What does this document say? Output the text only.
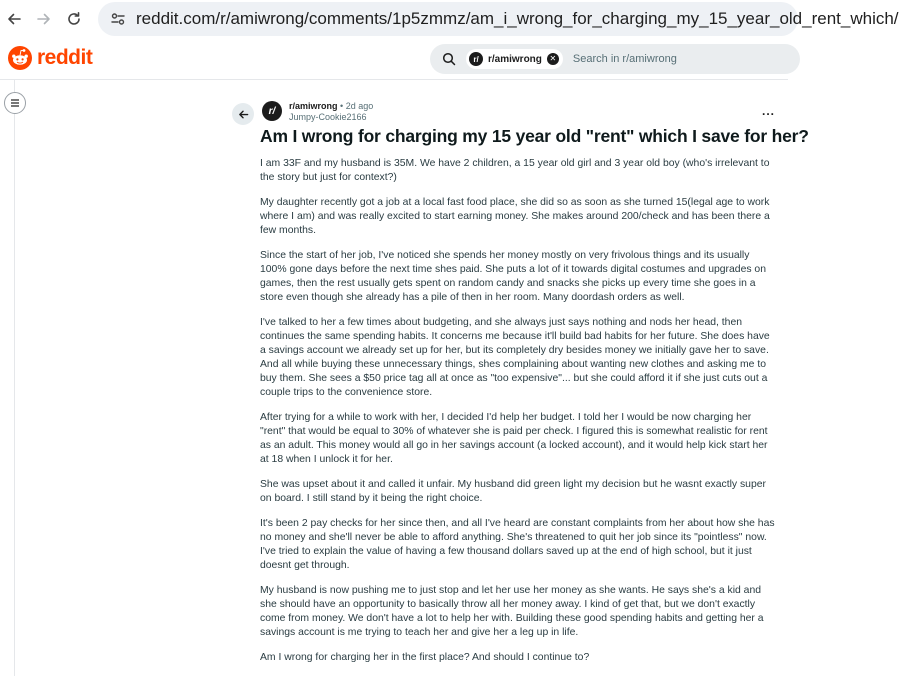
reddit.com/r/amiwrong/comments/1p5zmmz/am_i_wrong_for_charging_my_15_year_old_rent_which/
reddit	r/ r/amiwrong ✕ Search in r/amiwrong
r/	r/amiwrong • 2d ago
Jumpy-Cookie2166	...
Am I wrong for charging my 15 year old "rent" which I save for her?

I am 33F and my husband is 35M. We have 2 children, a 15 year old girl and 3 year old boy (who's irrelevant to the story but just for context?)

My daughter recently got a job at a local fast food place, she did so as soon as she turned 15(legal age to work where I am) and was really excited to start earning money. She makes around 200/check and has been there a few months.

Since the start of her job, I've noticed she spends her money mostly on very frivolous things and its usually 100% gone days before the next time shes paid. She puts a lot of it towards digital costumes and upgrades on games, then the rest usually gets spent on random candy and snacks she picks up every time she goes in a store even though she already has a pile of then in her room. Many doordash orders as well.

I've talked to her a few times about budgeting, and she always just says nothing and nods her head, then continues the same spending habits. It concerns me because it'll build bad habits for her future. She does have a savings account we already set up for her, but its completely dry besides money we initially gave her to save. And all while buying these unnecessary things, shes complaining about wanting new clothes and asking me to buy them. She sees a $50 price tag all at once as "too expensive"... but she could afford it if she just cuts out a couple trips to the convenience store.

After trying for a while to work with her, I decided I'd help her budget. I told her I would be now charging her "rent" that would be equal to 30% of whatever she is paid per check. I figured this is somewhat realistic for rent as an adult. This money would all go in her savings account (a locked account), and it would help kick start her at 18 when I unlock it for her.

She was upset about it and called it unfair. My husband did green light my decision but he wasnt exactly super on board. I still stand by it being the right choice.

It's been 2 pay checks for her since then, and all I've heard are constant complaints from her about how she has no money and she'll never be able to afford anything. She's threatened to quit her job since its "pointless" now. I've tried to explain the value of having a few thousand dollars saved up at the end of high school, but it just doesnt get through.

My husband is now pushing me to just stop and let her use her money as she wants. He says she's a kid and she should have an opportunity to basically throw all her money away. I kind of get that, but we don't exactly come from money. We don't have a lot to help her with. Building these good spending habits and getting her a savings account is me trying to teach her and give her a leg up in life.

Am I wrong for charging her in the first place? And should I continue to?
